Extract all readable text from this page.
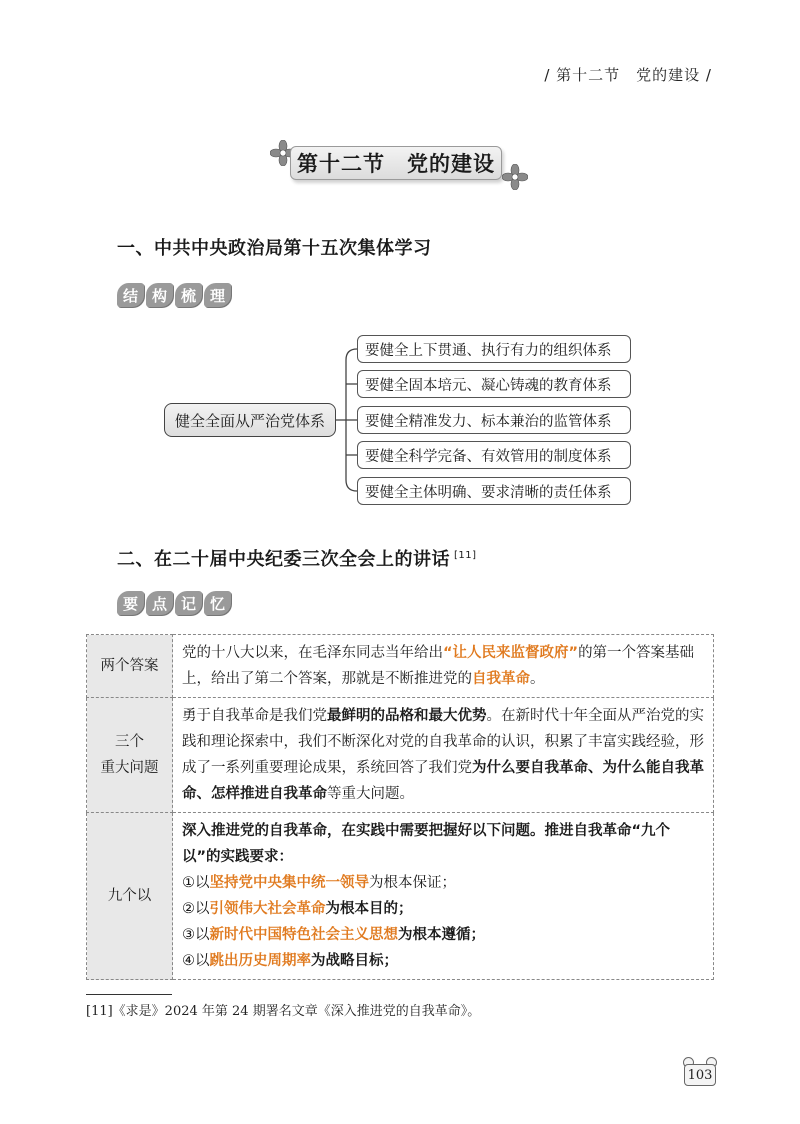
/ 第十二节　党的建设 /
第十二节　党的建设
一、中共中央政治局第十五次集体学习
结 构 梳 理
健全全面从严治党体系
要健全上下贯通、执行有力的组织体系
要健全固本培元、凝心铸魂的教育体系
要健全精准发力、标本兼治的监管体系
要健全科学完备、有效管用的制度体系
要健全主体明确、要求清晰的责任体系
二、在二十届中央纪委三次全会上的讲话 [11]
要 点 记 忆
两个答案	党的十八大以来，在毛泽东同志当年给出“让人民来监督政府”的第一个答案基础上，给出了第二个答案，那就是不断推进党的自我革命。

三个
重大问题	勇于自我革命是我们党最鲜明的品格和最大优势。在新时代十年全面从严治党的实践和理论探索中，我们不断深化对党的自我革命的认识，积累了丰富实践经验，形成了一系列重要理论成果，系统回答了我们党为什么要自我革命、为什么能自我革命、怎样推进自我革命等重大问题。
九个以	深入推进党的自我革命，在实践中需要把握好以下问题。推进自我革命“九个以”的实践要求：
①以坚持党中央集中统一领导为根本保证；
②以引领伟大社会革命为根本目的；
③以新时代中国特色社会主义思想为根本遵循；
④以跳出历史周期率为战略目标；
[11]《求是》2024 年第 24 期署名文章《深入推进党的自我革命》。
103
